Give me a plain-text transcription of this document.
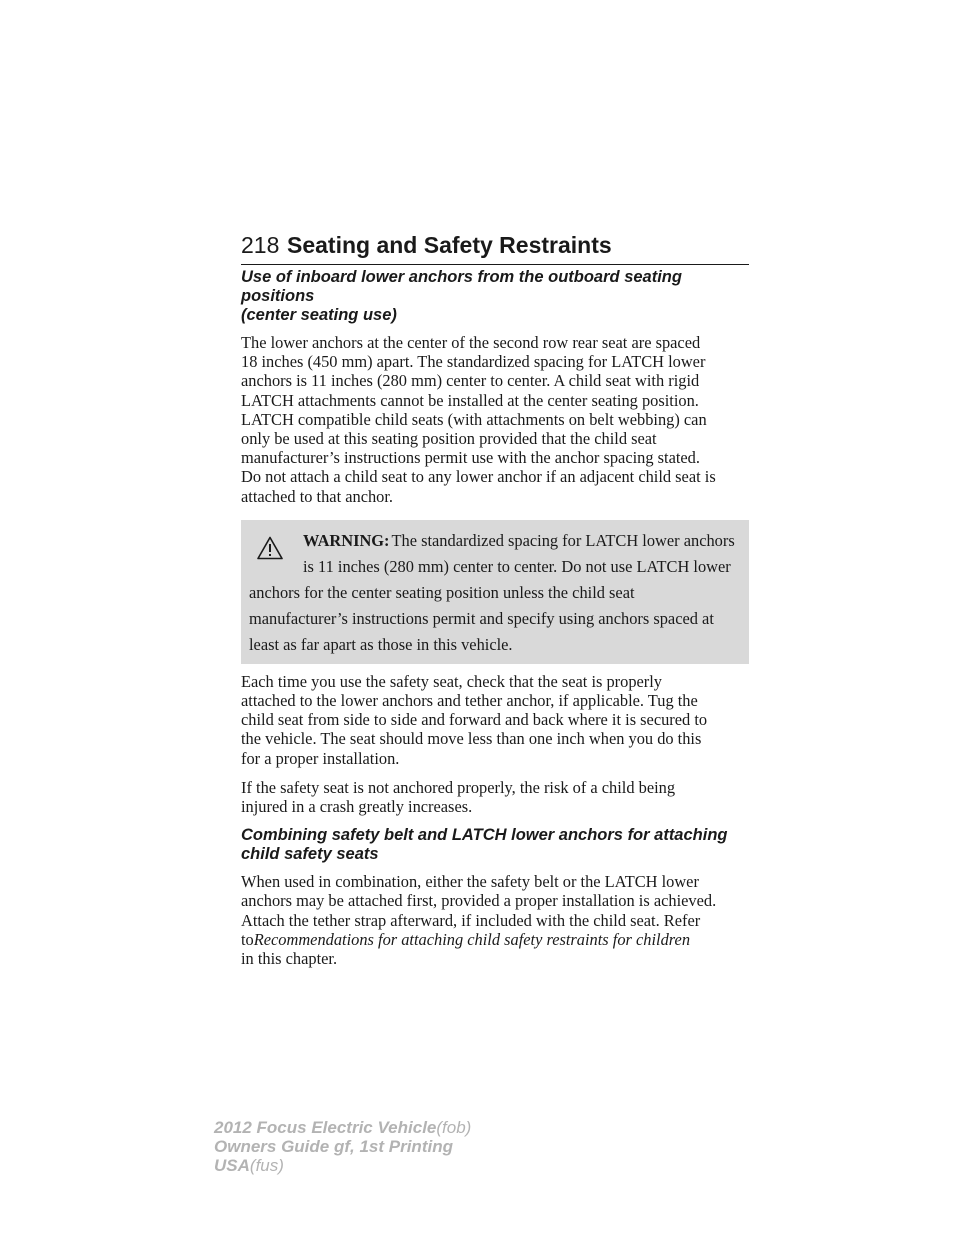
218 Seating and Safety Restraints
Use of inboard lower anchors from the outboard seating positions
(center seating use)
The lower anchors at the center of the second row rear seat are spaced
18 inches (450 mm) apart. The standardized spacing for LATCH lower
anchors is 11 inches (280 mm) center to center. A child seat with rigid
LATCH attachments cannot be installed at the center seating position.
LATCH compatible child seats (with attachments on belt webbing) can
only be used at this seating position provided that the child seat
manufacturer’s instructions permit use with the anchor spacing stated.
Do not attach a child seat to any lower anchor if an adjacent child seat is
attached to that anchor.
WARNING: The standardized spacing for LATCH lower anchors
is 11 inches (280 mm) center to center. Do not use LATCH lower
anchors for the center seating position unless the child seat
manufacturer’s instructions permit and specify using anchors spaced at
least as far apart as those in this vehicle.
Each time you use the safety seat, check that the seat is properly
attached to the lower anchors and tether anchor, if applicable. Tug the
child seat from side to side and forward and back where it is secured to
the vehicle. The seat should move less than one inch when you do this
for a proper installation.
If the safety seat is not anchored properly, the risk of a child being
injured in a crash greatly increases.
Combining safety belt and LATCH lower anchors for attaching
child safety seats
When used in combination, either the safety belt or the LATCH lower
anchors may be attached first, provided a proper installation is achieved.
Attach the tether strap afterward, if included with the child seat. Refer
toRecommendations for attaching child safety restraints for children
in this chapter.
2012 Focus Electric Vehicle(fob)
Owners Guide gf, 1st Printing
USA(fus)
